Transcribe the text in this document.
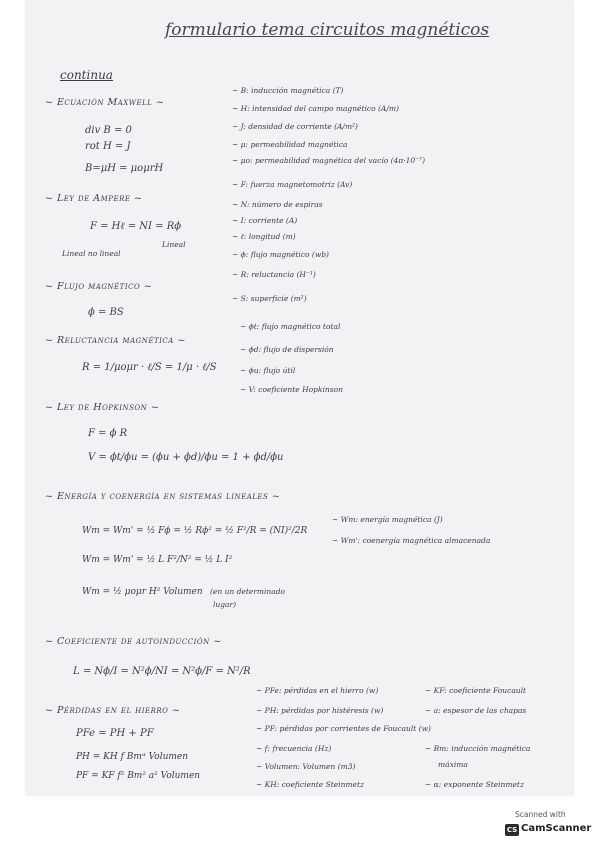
formulario tema circuitos magnéticos
continua
~ Ecuación Maxwell ~
div B = 0
rot H = J
B=μH = μoμrH
~ Ley de Ampere ~
F = Hℓ = NI = Rϕ
Lineal no lineal
Lineal
~ Flujo magnético ~
ϕ = BS
~ Reluctancia magnética ~
R = 1/μoμr · ℓ/S = 1/μ · ℓ/S
~ Ley de Hopkinson ~
F = ϕ R
V = ϕt/ϕu = (ϕu + ϕd)/ϕu = 1 + ϕd/ϕu
~ Energía y coenergía en sistemas lineales ~
Wm = Wm' = ½ Fϕ = ½ Rϕ² = ½ F²/R = (NI)²/2R
Wm = Wm' = ½ L F²/N² = ½ L I²
Wm = ½ μoμr H² Volumen (en un determinado
lugar)
~ Wm: energía magnética (J)
~ Wm': coenergía magnética almacenada
~ Coeficiente de autoinducción ~
L = Nϕ/I = N²ϕ/NI = N²ϕ/F = N²/R
~ Pérdidas en el hierro ~
PFe = PH + PF
PH = KH f Bmᵅ Volumen
PF = KF f² Bm² a² Volumen
~ B: inducción magnética (T)
~ H: intensidad del campo magnético (A/m)
~ J: densidad de corriente (A/m²)
~ μ: permeabilidad magnética
~ μo: permeabilidad magnética del vacío (4π·10⁻⁷)
~ F: fuerza magnetomotriz (Av)
~ N: número de espiras
~ I: corriente (A)
~ ℓ: longitud (m)
~ ϕ: flujo magnético (wb)
~ R: reluctancia (H⁻¹)
~ S: superficie (m²)
~ ϕt: flujo magnético total
~ ϕd: flujo de dispersión
~ ϕu: flujo útil
~ V: coeficiente Hopkinson
~ PFe: pérdidas en el hierro (w)
~ PH: pérdidas por histéresis (w)
~ PF: pérdidas por corrientes de Foucault (w)
~ f: frecuencia (Hz)
~ Volumen: Volumen (m3)
~ KH: coeficiente Steinmetz
~ KF: coeficiente Foucault
~ a: espesor de las chapas
~ Bm: inducción magnética
máxima
~ α: exponente Steinmetz
Scanned with
CS CamScanner
